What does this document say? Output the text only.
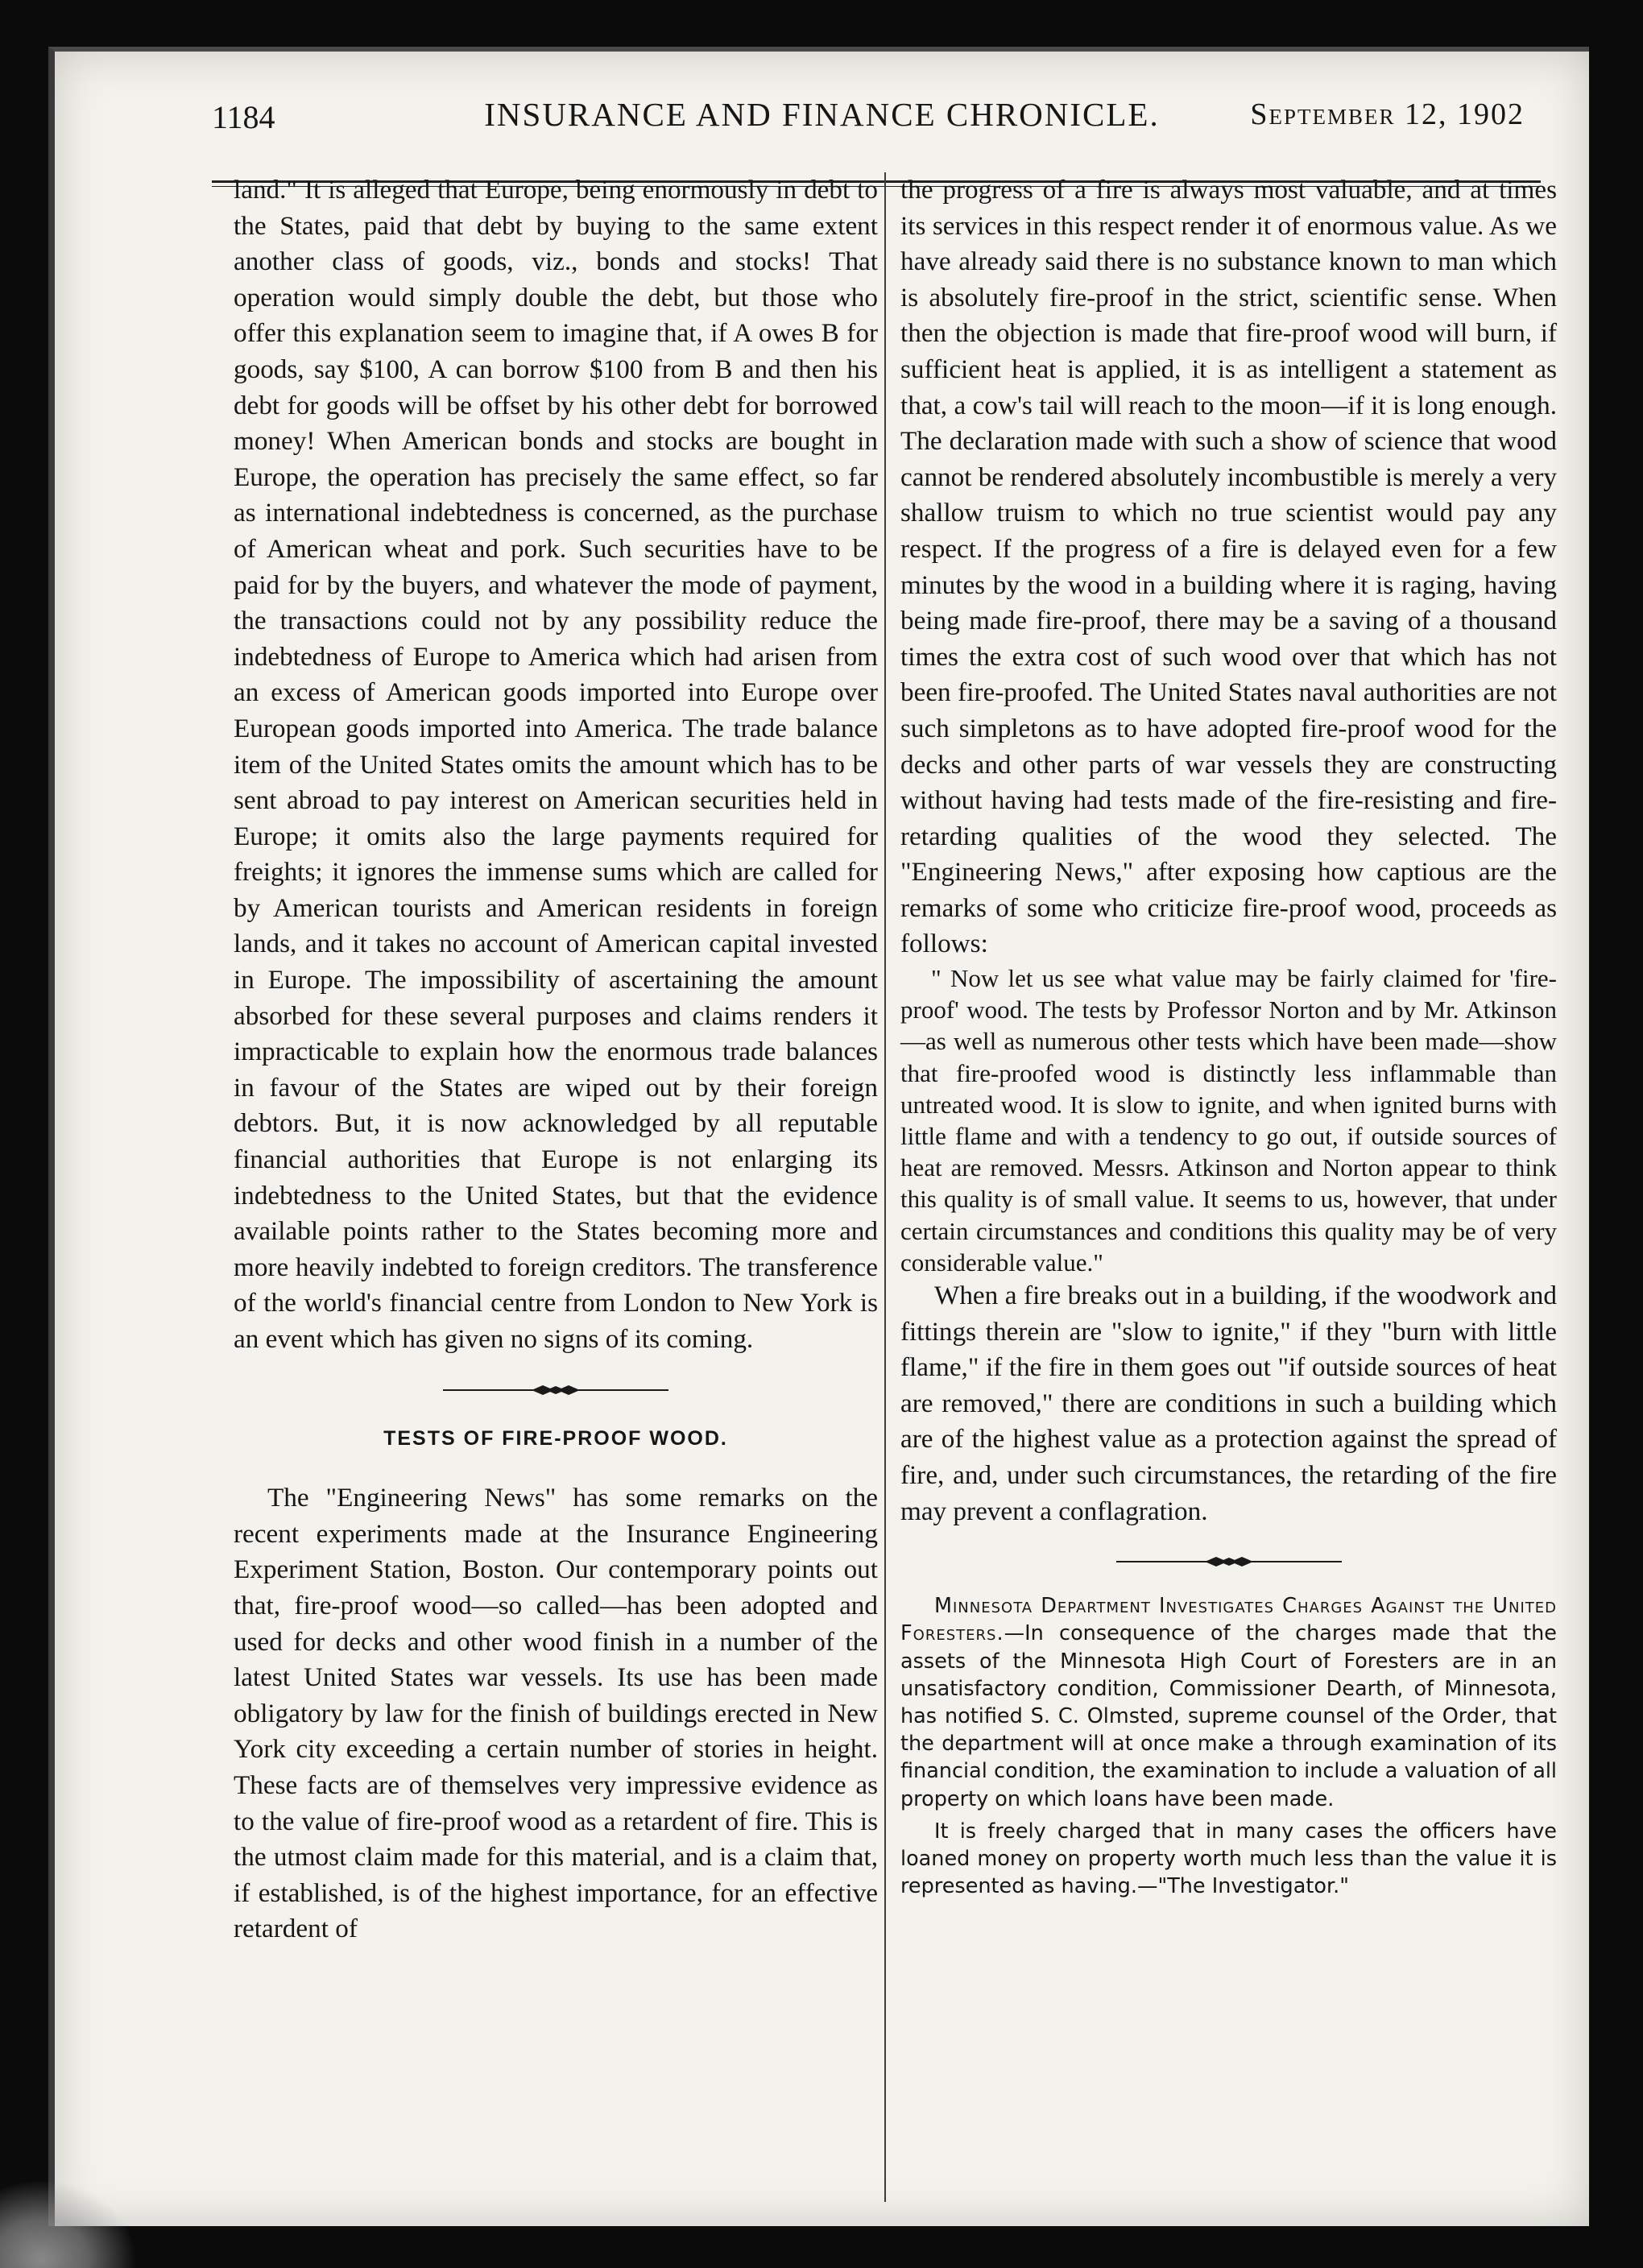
1184	INSURANCE AND FINANCE CHRONICLE.	September 12, 1902

land." It is alleged that Europe, being enormously in debt to the States, paid that debt by buying to the same extent another class of goods, viz., bonds and stocks! That operation would simply double the debt, but those who offer this explanation seem to imagine that, if A owes B for goods, say $100, A can borrow $100 from B and then his debt for goods will be offset by his other debt for borrowed money! When American bonds and stocks are bought in Europe, the operation has precisely the same effect, so far as international indebtedness is concerned, as the purchase of American wheat and pork. Such securities have to be paid for by the buyers, and whatever the mode of payment, the transactions could not by any possibility reduce the indebtedness of Europe to America which had arisen from an excess of American goods imported into Europe over European goods imported into America. The trade balance item of the United States omits the amount which has to be sent abroad to pay interest on American securities held in Europe; it omits also the large payments required for freights; it ignores the immense sums which are called for by American tourists and American residents in foreign lands, and it takes no account of American capital invested in Europe. The impossibility of ascertaining the amount absorbed for these several purposes and claims renders it impracticable to explain how the enormous trade balances in favour of the States are wiped out by their foreign debtors. But, it is now acknowledged by all reputable financial authorities that Europe is not enlarging its indebtedness to the United States, but that the evidence available points rather to the States becoming more and more heavily indebted to foreign creditors. The transference of the world's financial centre from London to New York is an event which has given no signs of its coming.

TESTS OF FIRE-PROOF WOOD.

The "Engineering News" has some remarks on the recent experiments made at the Insurance Engineering Experiment Station, Boston. Our contemporary points out that, fire-proof wood—so called—has been adopted and used for decks and other wood finish in a number of the latest United States war vessels. Its use has been made obligatory by law for the finish of buildings erected in New York city exceeding a certain number of stories in height. These facts are of themselves very impressive evidence as to the value of fire-proof wood as a retardent of fire. This is the utmost claim made for this material, and is a claim that, if established, is of the highest importance, for an effective retardent of

the progress of a fire is always most valuable, and at times its services in this respect render it of enormous value. As we have already said there is no substance known to man which is absolutely fire-proof in the strict, scientific sense. When then the objection is made that fire-proof wood will burn, if sufficient heat is applied, it is as intelligent a statement as that, a cow's tail will reach to the moon—if it is long enough. The declaration made with such a show of science that wood cannot be rendered absolutely incombustible is merely a very shallow truism to which no true scientist would pay any respect. If the progress of a fire is delayed even for a few minutes by the wood in a building where it is raging, having being made fire-proof, there may be a saving of a thousand times the extra cost of such wood over that which has not been fire-proofed. The United States naval authorities are not such simpletons as to have adopted fire-proof wood for the decks and other parts of war vessels they are constructing without having had tests made of the fire-resisting and fire-retarding qualities of the wood they selected. The "Engineering News," after exposing how captious are the remarks of some who criticize fire-proof wood, proceeds as follows:

" Now let us see what value may be fairly claimed for 'fire-proof' wood. The tests by Professor Norton and by Mr. Atkinson—as well as numerous other tests which have been made—show that fire-proofed wood is distinctly less inflammable than untreated wood. It is slow to ignite, and when ignited burns with little flame and with a tendency to go out, if outside sources of heat are removed. Messrs. Atkinson and Norton appear to think this quality is of small value. It seems to us, however, that under certain circumstances and conditions this quality may be of very considerable value."

When a fire breaks out in a building, if the woodwork and fittings therein are "slow to ignite," if they "burn with little flame," if the fire in them goes out "if outside sources of heat are removed," there are conditions in such a building which are of the highest value as a protection against the spread of fire, and, under such circumstances, the retarding of the fire may prevent a conflagration.

Minnesota Department Investigates Charges Against the United Foresters.—In consequence of the charges made that the assets of the Minnesota High Court of Foresters are in an unsatisfactory condition, Commissioner Dearth, of Minnesota, has notified S. C. Olmsted, supreme counsel of the Order, that the department will at once make a through examination of its financial condition, the examination to include a valuation of all property on which loans have been made.

It is freely charged that in many cases the officers have loaned money on property worth much less than the value it is represented as having.—"The Investigator."
